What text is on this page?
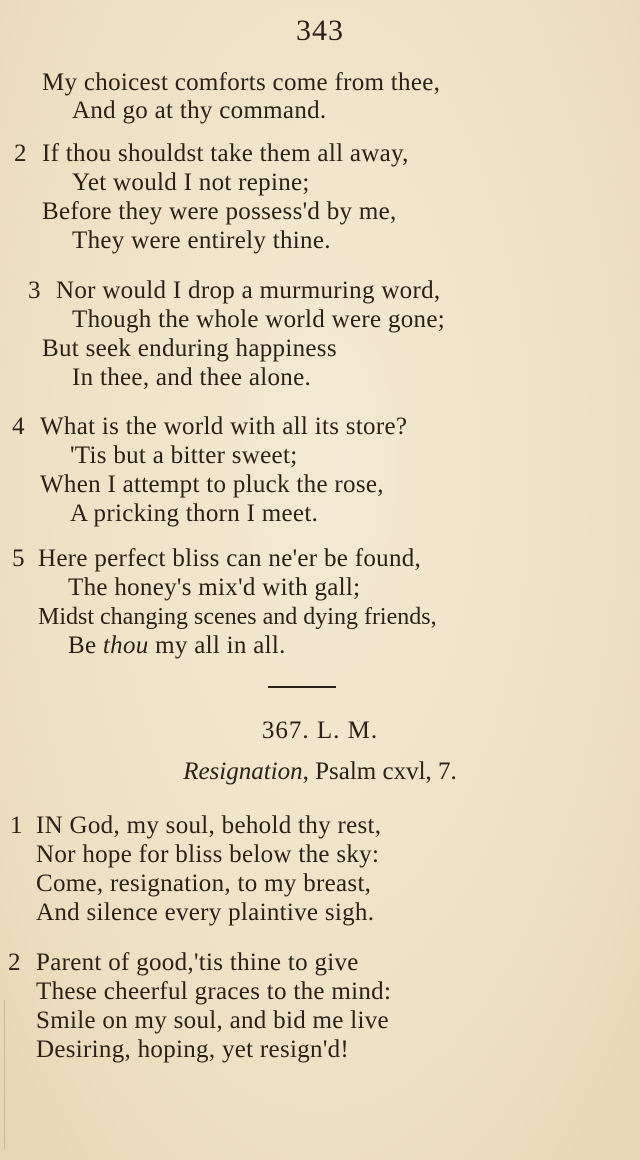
343
My choicest comforts come from thee,
And go at thy command.
2 If thou shouldst take them all away,
Yet would I not repine;
Before they were possess'd by me,
They were entirely thine.
3 Nor would I drop a murmuring word,
Though the whole world were gone;
But seek enduring happiness
In thee, and thee alone.
4 What is the world with all its store?
'Tis but a bitter sweet;
When I attempt to pluck the rose,
A pricking thorn I meet.
5 Here perfect bliss can ne'er be found,
The honey's mix'd with gall;
Midst changing scenes and dying friends,
Be thou my all in all.
367. L. M.
Resignation, Psalm cxvl, 7.
1 IN God, my soul, behold thy rest,
Nor hope for bliss below the sky:
Come, resignation, to my breast,
And silence every plaintive sigh.
2 Parent of good,'tis thine to give
These cheerful graces to the mind:
Smile on my soul, and bid me live
Desiring, hoping, yet resign'd!
